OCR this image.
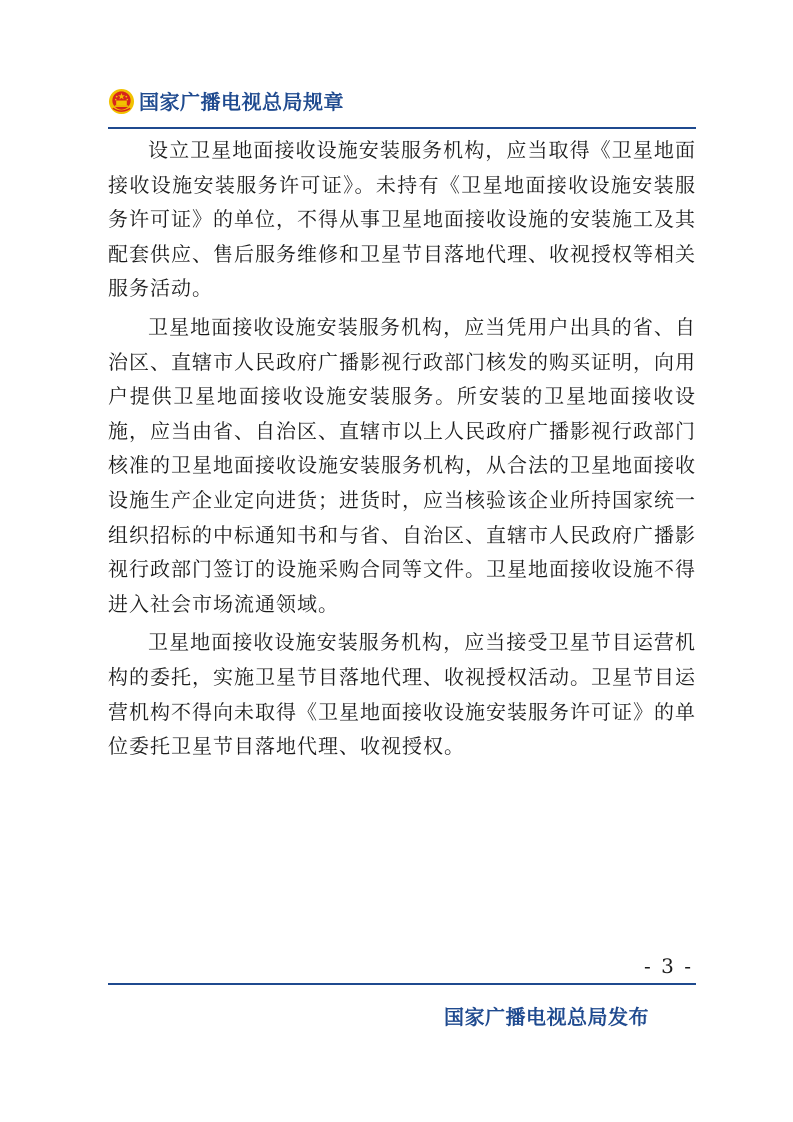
国家广播电视总局规章

设立卫星地面接收设施安装服务机构，应当取得《卫星地面接收设施安装服务许可证》。未持有《卫星地面接收设施安装服务许可证》的单位，不得从事卫星地面接收设施的安装施工及其配套供应、售后服务维修和卫星节目落地代理、收视授权等相关服务活动。

卫星地面接收设施安装服务机构，应当凭用户出具的省、自治区、直辖市人民政府广播影视行政部门核发的购买证明，向用户提供卫星地面接收设施安装服务。所安装的卫星地面接收设施，应当由省、自治区、直辖市以上人民政府广播影视行政部门核准的卫星地面接收设施安装服务机构，从合法的卫星地面接收设施生产企业定向进货；进货时，应当核验该企业所持国家统一组织招标的中标通知书和与省、自治区、直辖市人民政府广播影视行政部门签订的设施采购合同等文件。卫星地面接收设施不得进入社会市场流通领域。

卫星地面接收设施安装服务机构，应当接受卫星节目运营机构的委托，实施卫星节目落地代理、收视授权活动。卫星节目运营机构不得向未取得《卫星地面接收设施安装服务许可证》的单位委托卫星节目落地代理、收视授权。

- 3 -
国家广播电视总局发布
